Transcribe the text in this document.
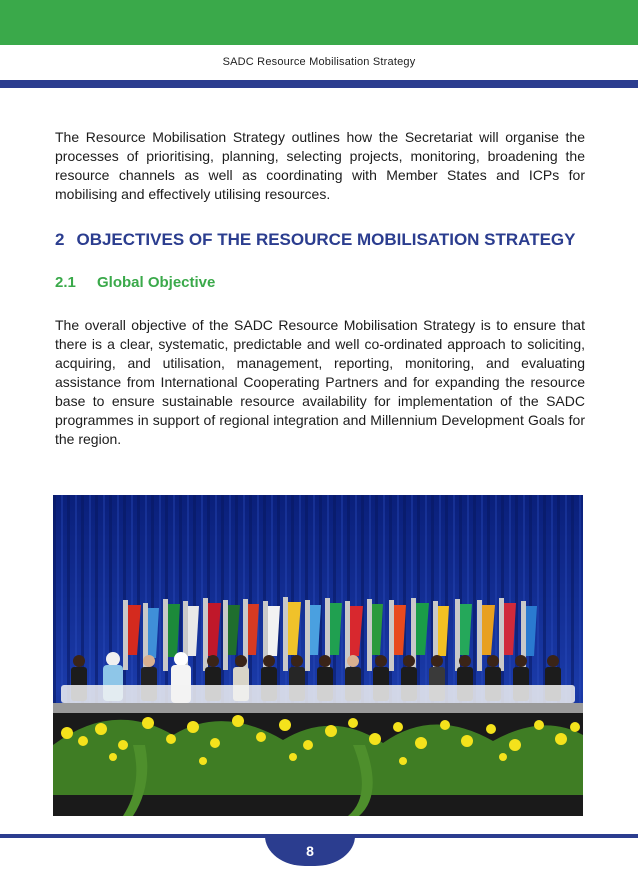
SADC Resource Mobilisation Strategy

The Resource Mobilisation Strategy outlines how the Secretariat will organise the processes of prioritising, planning, selecting projects, monitoring, broadening the resource channels as well as coordinating with Member States and ICPs for mobilising and effectively utilising resources.

2 OBJECTIVES OF THE RESOURCE MOBILISATION STRATEGY
2.1 Global Objective

The overall objective of the SADC Resource Mobilisation Strategy is to ensure that there is a clear, systematic, predictable and well co-ordinated approach to soliciting, acquiring, and utilisation, management, reporting, monitoring, and evaluating assistance from International Cooperating Partners and for expanding the resource base to ensure sustainable resource availability for implementation of the SADC programmes in support of regional integration and Millennium Development Goals for the region.

8
